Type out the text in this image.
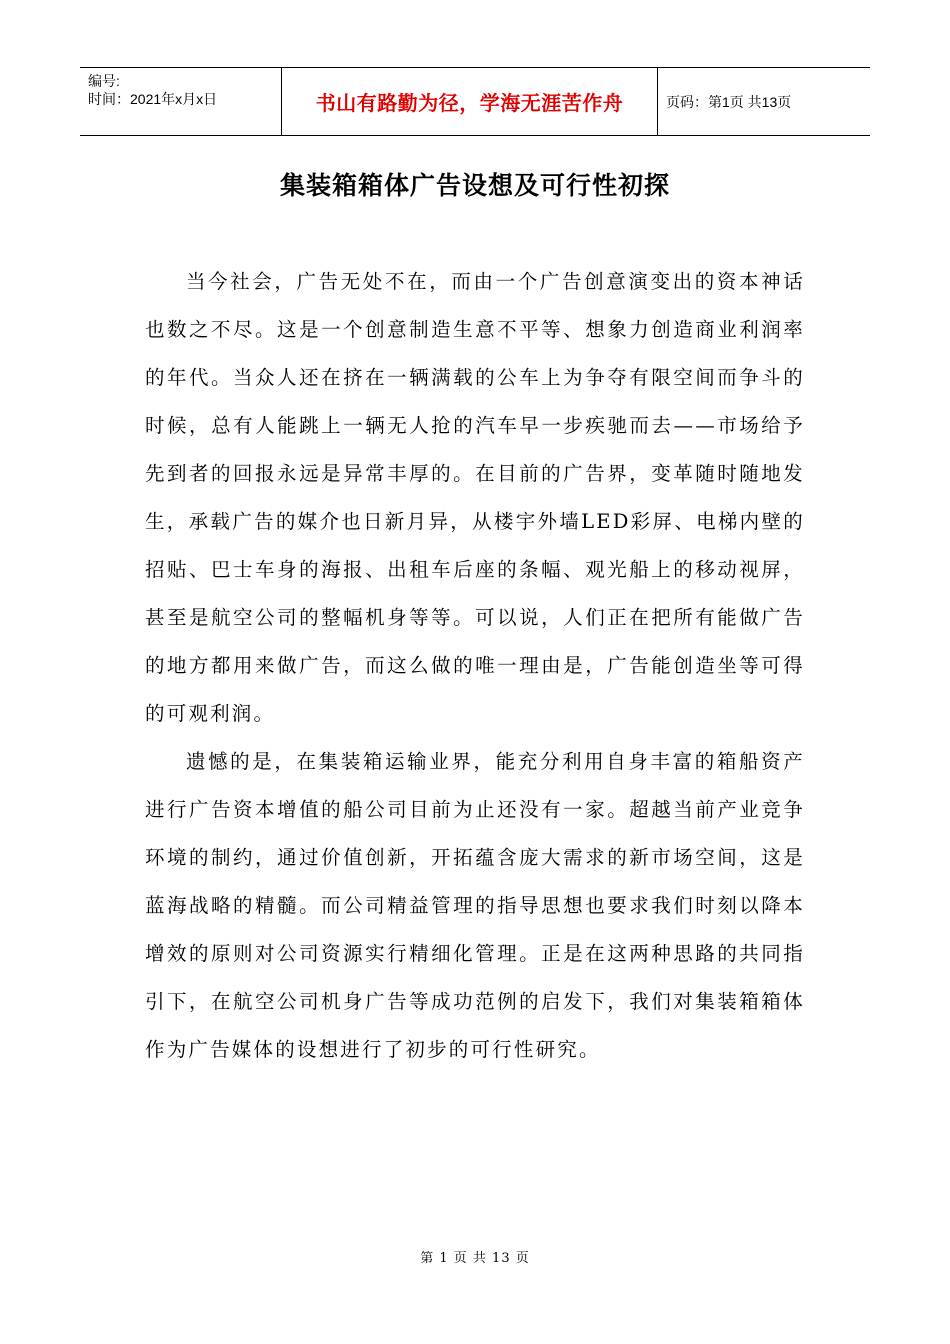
编号:
时间：2021年x月x日	书山有路勤为径，学海无涯苦作舟	页码：第1页 共13页
集装箱箱体广告设想及可行性初探

当今社会，广告无处不在，而由一个广告创意演变出的资本神话也数之不尽。这是一个创意制造生意不平等、想象力创造商业利润率的年代。当众人还在挤在一辆满载的公车上为争夺有限空间而争斗的时候，总有人能跳上一辆无人抢的汽车早一步疾驰而去——市场给予先到者的回报永远是异常丰厚的。在目前的广告界，变革随时随地发生，承载广告的媒介也日新月异，从楼宇外墙LED彩屏、电梯内壁的招贴、巴士车身的海报、出租车后座的条幅、观光船上的移动视屏，甚至是航空公司的整幅机身等等。可以说，人们正在把所有能做广告的地方都用来做广告，而这么做的唯一理由是，广告能创造坐等可得的可观利润。

遗憾的是，在集装箱运输业界，能充分利用自身丰富的箱船资产进行广告资本增值的船公司目前为止还没有一家。超越当前产业竞争环境的制约，通过价值创新，开拓蕴含庞大需求的新市场空间，这是蓝海战略的精髓。而公司精益管理的指导思想也要求我们时刻以降本增效的原则对公司资源实行精细化管理。正是在这两种思路的共同指引下，在航空公司机身广告等成功范例的启发下，我们对集装箱箱体作为广告媒体的设想进行了初步的可行性研究。

第 1 页 共 13 页
